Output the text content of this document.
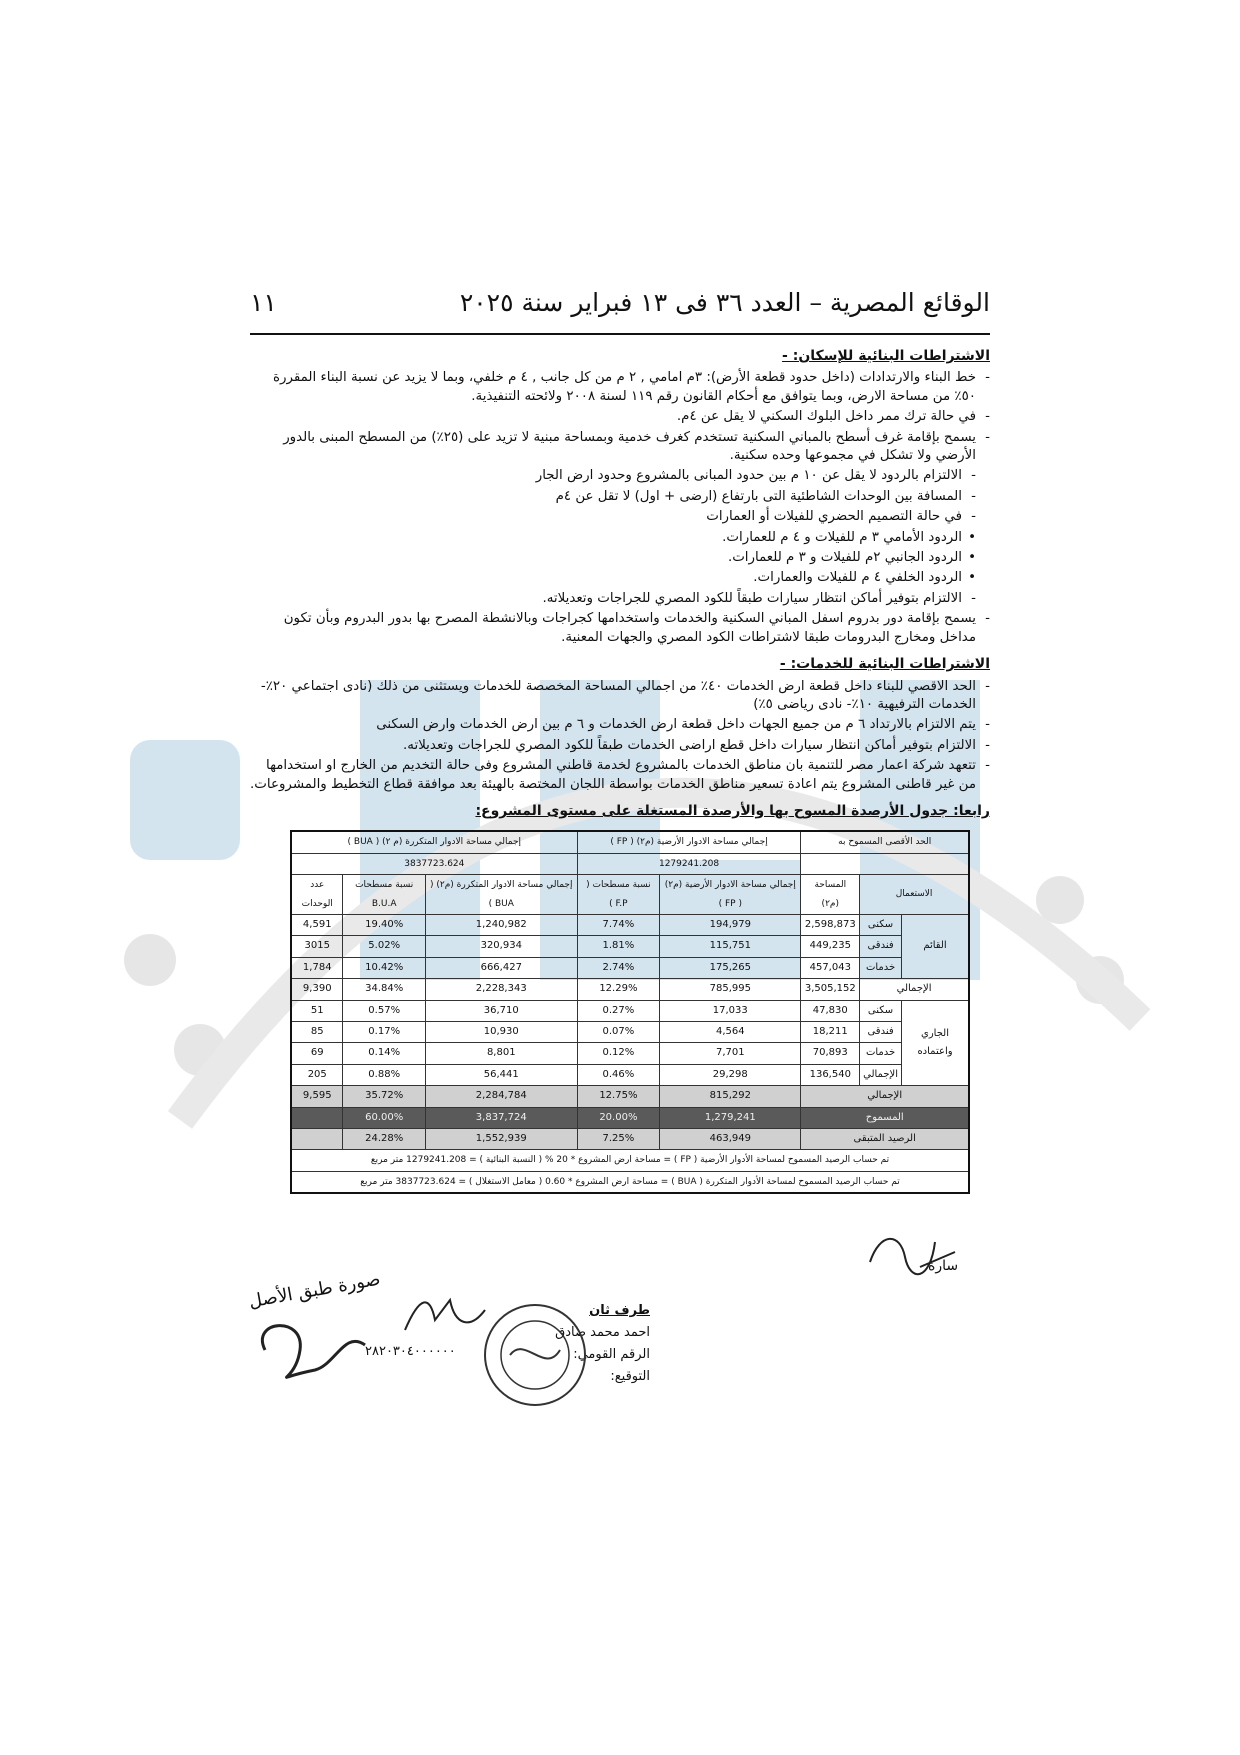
الوقائع المصرية – العدد ٣٦ فى ١٣ فبراير سنة ٢٠٢٥
١١
الاشتراطات البنائية للإسكان: -
- خط البناء والارتدادات (داخل حدود قطعة الأرض): ٣م امامي , ٢ م من كل جانب , ٤ م خلفي، وبما لا يزيد عن نسبة البناء المقررة ٥٠٪ من مساحة الارض، وبما يتوافق مع أحكام القانون رقم ١١٩ لسنة ٢٠٠٨ ولائحته التنفيذية.
- في حالة ترك ممر داخل البلوك السكني لا يقل عن ٤م.
- يسمح بإقامة غرف أسطح بالمباني السكنية تستخدم كغرف خدمية وبمساحة مبنية لا تزيد على (٢٥٪) من المسطح المبنى بالدور الأرضي ولا تشكل في مجموعها وحده سكنية.
- الالتزام بالردود لا يقل عن ١٠ م بين حدود المبانى بالمشروع وحدود ارض الجار
- المسافة بين الوحدات الشاطئية التى بارتفاع (ارضى + اول) لا تقل عن ٤م
- في حالة التصميم الحضري للفيلات أو العمارات
• الردود الأمامي ٣ م للفيلات و ٤ م للعمارات.
• الردود الجانبي ٢م للفيلات و ٣ م للعمارات.
• الردود الخلفي ٤ م للفيلات والعمارات.
- الالتزام بتوفير أماكن انتظار سيارات طبقاً للكود المصري للجراجات وتعديلاته.
- يسمح بإقامة دور بدروم اسفل المباني السكنية والخدمات واستخدامها كجراجات وبالانشطة المصرح بها بدور البدروم وبأن تكون مداخل ومخارج البدرومات طبقا لاشتراطات الكود المصري والجهات المعنية.
الاشتراطات البنائية للخدمات: -
- الحد الاقصي للبناء داخل قطعة ارض الخدمات ٤٠٪ من اجمالي المساحة المخصصة للخدمات ويستثنى من ذلك (نادى اجتماعي ٢٠٪- الخدمات الترفيهية ١٠٪- نادى رياضى ٥٪)
- يتم الالتزام بالارتداد ٦ م من جميع الجهات داخل قطعة ارض الخدمات و ٦ م بين ارض الخدمات وارض السكنى
- الالتزام بتوفير أماكن انتظار سيارات داخل قطع اراضى الخدمات طبقاً للكود المصري للجراجات وتعديلاته.
- تتعهد شركة اعمار مصر للتنمية بان مناطق الخدمات بالمشروع لخدمة قاطني المشروع وفى حالة التخديم من الخارج او استخدامها من غير قاطنى المشروع يتم اعادة تسعير مناطق الخدمات بواسطة اللجان المختصة بالهيئة بعد موافقة قطاع التخطيط والمشروعات.
رابعا: جدول الأرصدة المسوح بها والأرصدة المستغلة على مستوى المشروع:
الحد الأقصى المسموح به			إجمالي مساحة الادوار الأرضية (م٢) ( FP )		إجمالي مساحة الادوار المتكررة (م ٢) ( BUA )		
			1279241.208		3837723.624		
الاستعمال		المساحة (م٢)	إجمالي مساحة الادوار الأرضية (م٢) ( FP )	نسبة مسطحات ( F.P )	إجمالي مساحة الادوار المتكررة (م٢) ( BUA )	نسبة مسطحات B.U.A	عدد الوحدات
القائم	سكنى	2,598,873	194,979	7.74%	1,240,982	19.40%	4,591
	فندقى	449,235	115,751	1.81%	320,934	5.02%	3015
	خدمات	457,043	175,265	2.74%	666,427	10.42%	1,784
الإجمالي		3,505,152	785,995	12.29%	2,228,343	34.84%	9,390
الجاري واعتماده	سكنى	47,830	17,033	0.27%	36,710	0.57%	51
	فندقى	18,211	4,564	0.07%	10,930	0.17%	85
	خدمات	70,893	7,701	0.12%	8,801	0.14%	69
	الإجمالي	136,540	29,298	0.46%	56,441	0.88%	205
الإجمالي			815,292	12.75%	2,284,784	35.72%	9,595
المسموح			1,279,241	20.00%	3,837,724	60.00%	
الرصيد المتبقى			463,949	7.25%	1,552,939	24.28%	
تم حساب الرصيد المسموح لمساحة الأدوار الأرضية ( FP ) = مساحة ارض المشروع * 20 % ( النسبة البنائية ) = 1279241.208 متر مربع							
تم حساب الرصيد المسموح لمساحة الأدوار المتكررة ( BUA ) = مساحة ارض المشروع * 0.60 ( معامل الاستغلال ) = 3837723.624 متر مربع							
سارة
صورة طبق الأصل	طرف ثان
احمد محمد صادق
الرقم القومي:
التوقيع:
٢٨٢٠٣٠٤٠٠٠٠٠٠
